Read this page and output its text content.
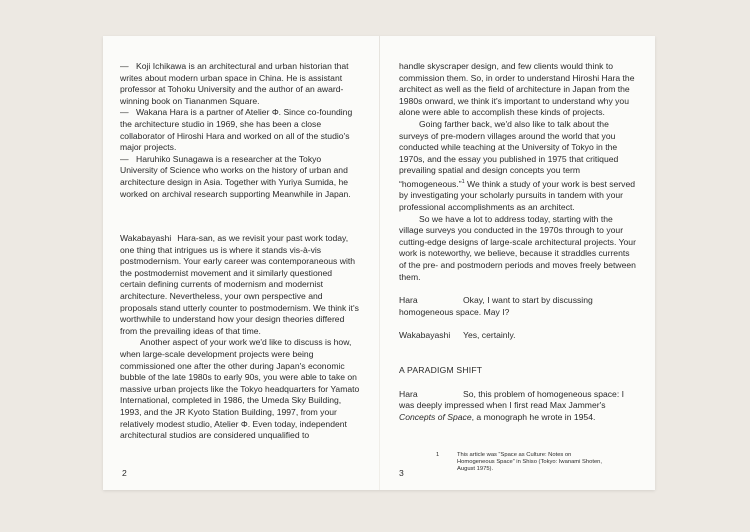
— Koji Ichikawa is an architectural and urban historian that writes about modern urban space in China. He is assistant professor at Tohoku University and the author of an award-winning book on Tiananmen Square.

— Wakana Hara is a partner of Atelier Φ. Since co-founding the architecture studio in 1969, she has been a close collaborator of Hiroshi Hara and worked on all of the studio's major projects.

— Haruhiko Sunagawa is a researcher at the Tokyo University of Science who works on the history of urban and architecture design in Asia. Together with Yuriya Sumida, he worked on archival research supporting Meanwhile in Japan.

Wakabayashi Hara-san, as we revisit your past work today, one thing that intrigues us is where it stands vis-à-vis postmodernism. Your early career was contemporaneous with the postmodernist movement and it similarly questioned certain defining currents of modernism and modernist architecture. Nevertheless, your own perspective and proposals stand utterly counter to postmodernism. We think it's worthwhile to understand how your design theories differed from the prevailing ideas of that time.

Another aspect of your work we'd like to discuss is how, when large-scale development projects were being commissioned one after the other during Japan's economic bubble of the late 1980s to early 90s, you were able to take on massive urban projects like the Tokyo headquarters for Yamato International, completed in 1986, the Umeda Sky Building, 1993, and the JR Kyoto Station Building, 1997, from your relatively modest studio, Atelier Φ. Even today, independent architectural studios are considered unqualified to

2

handle skyscraper design, and few clients would think to commission them. So, in order to understand Hiroshi Hara the architect as well as the field of architecture in Japan from the 1980s onward, we think it's important to understand why you alone were able to accomplish these kinds of projects.

Going farther back, we'd also like to talk about the surveys of pre-modern villages around the world that you conducted while teaching at the University of Tokyo in the 1970s, and the essay you published in 1975 that critiqued prevailing spatial and design concepts you term “homogeneous.”$^1$ We think a study of your work is best served by investigating your scholarly pursuits in tandem with your professional accomplishments as an architect.

So we have a lot to address today, starting with the village surveys you conducted in the 1970s through to your cutting-edge designs of large-scale architectural projects. Your work is noteworthy, we believe, because it straddles currents of the pre- and postmodern periods and moves freely between them.

Hara	Okay, I want to start by discussing homogeneous space. May I?

Wakabayashi Yes, certainly.

A PARADIGM SHIFT

Hara	So, this problem of homogeneous space: I was deeply impressed when I first read Max Jammer's Concepts of Space, a monograph he wrote in 1954.

1	This article was “Space as Culture: Notes on Homogeneous Space” in Shiso (Tokyo: Iwanami Shoten, August 1975).
3
